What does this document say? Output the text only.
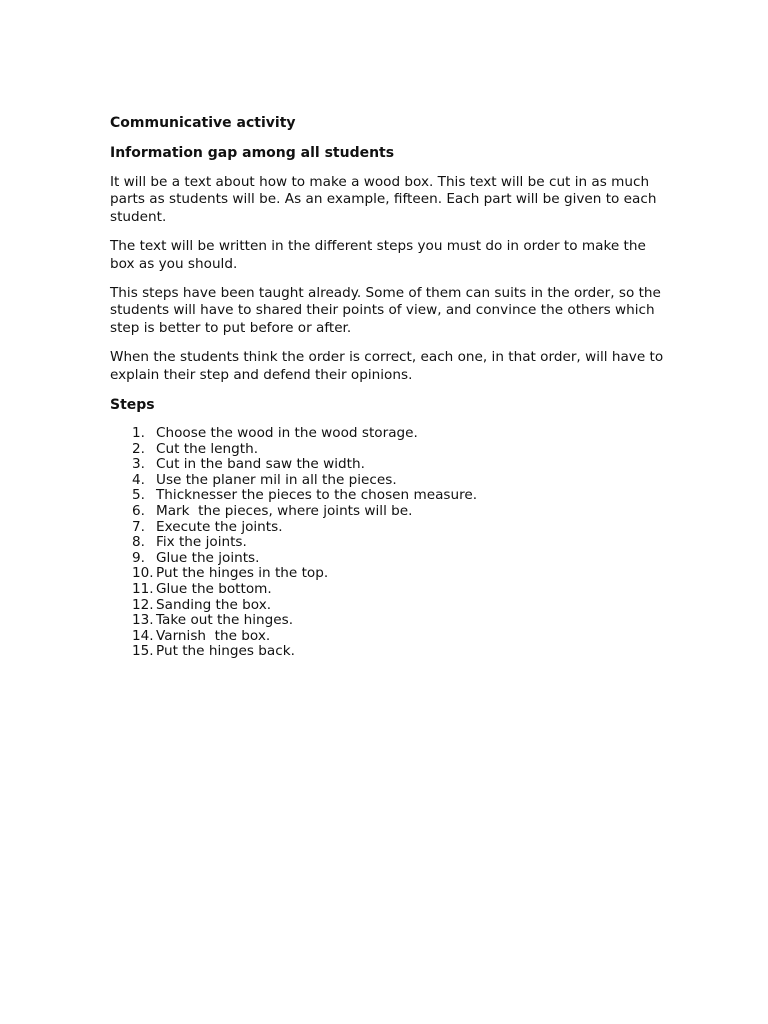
Communicative activity
Information gap among all students

It will be a text about how to make a wood box. This text will be cut in as much parts as students will be. As an example, fifteen. Each part will be given to each student.

The text will be written in the different steps you must do in order to make the box as you should.

This steps have been taught already. Some of them can suits in the order, so the students will have to shared their points of view, and convince the others which step is better to put before or after.

When the students think the order is correct, each one, in that order, will have to explain their step and defend their opinions.

Steps
1. Choose the wood in the wood storage.
2. Cut the length.
3. Cut in the band saw the width.
4. Use the planer mil in all the pieces.
5. Thicknesser the pieces to the chosen measure.
6. Mark  the pieces, where joints will be.
7. Execute the joints.
8. Fix the joints.
9. Glue the joints.
10. Put the hinges in the top.
11. Glue the bottom.
12. Sanding the box.
13. Take out the hinges.
14. Varnish  the box.
15. Put the hinges back.
